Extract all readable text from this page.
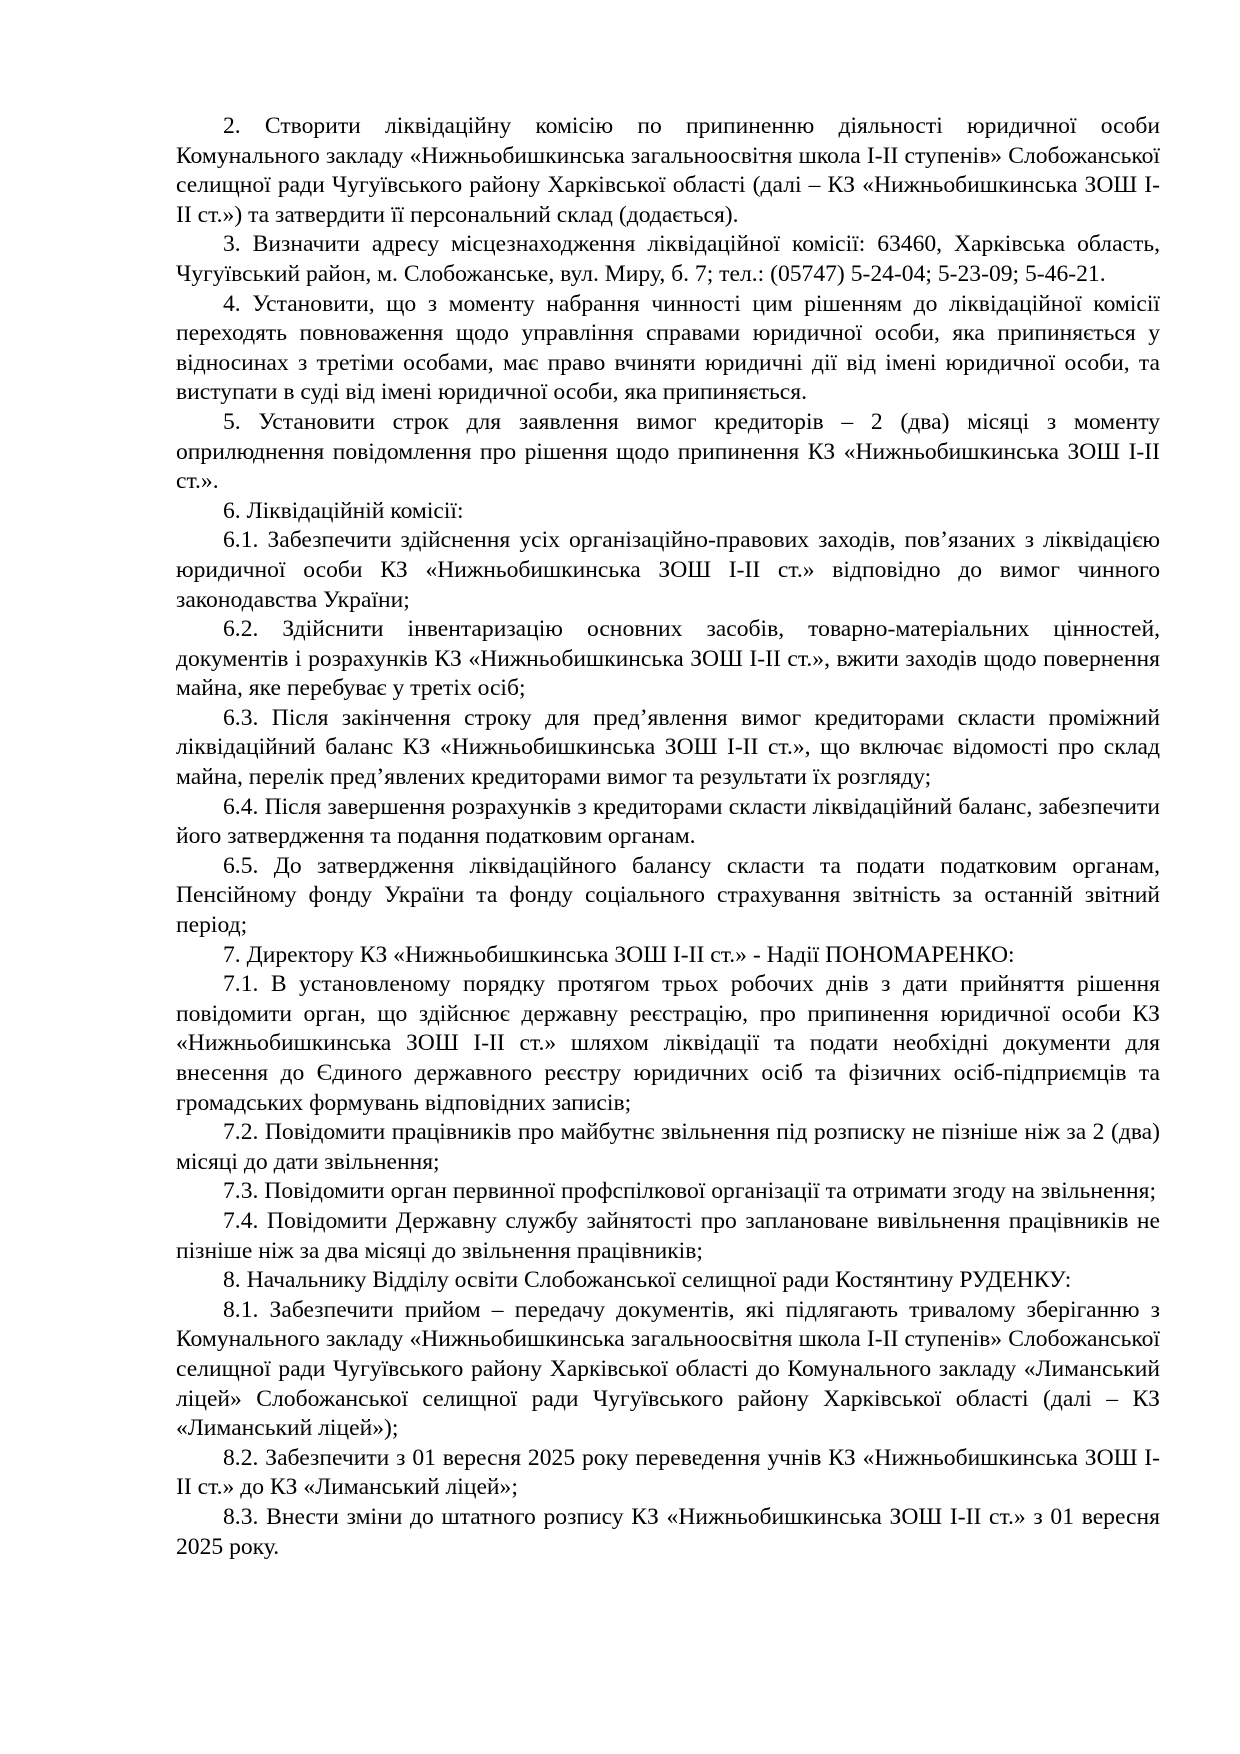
2. Створити ліквідаційну комісію по припиненню діяльності юридичної особи Комунального закладу «Нижньобишкинська загальноосвітня школа І-ІІ ступенів» Слобожанської селищної ради Чугуївського району Харківської області (далі – КЗ «Нижньобишкинська ЗОШ І-ІІ ст.») та затвердити її персональний склад (додається).

3. Визначити адресу місцезнаходження ліквідаційної комісії: 63460, Харківська область, Чугуївський район, м. Слобожанське, вул. Миру, б. 7; тел.: (05747) 5-24-04; 5-23-09; 5-46-21.

4. Установити, що з моменту набрання чинності цим рішенням до ліквідаційної комісії переходять повноваження щодо управління справами юридичної особи, яка припиняється у відносинах з третіми особами, має право вчиняти юридичні дії від імені юридичної особи, та виступати в суді від імені юридичної особи, яка припиняється.

5. Установити строк для заявлення вимог кредиторів – 2 (два) місяці з моменту оприлюднення повідомлення про рішення щодо припинення КЗ «Нижньобишкинська ЗОШ І-ІІ ст.».

6. Ліквідаційній комісії:

6.1. Забезпечити здійснення усіх організаційно-правових заходів, пов’язаних з ліквідацією юридичної особи КЗ «Нижньобишкинська ЗОШ І-ІІ ст.» відповідно до вимог чинного законодавства України;

6.2. Здійснити інвентаризацію основних засобів, товарно-матеріальних цінностей, документів і розрахунків КЗ «Нижньобишкинська ЗОШ І-ІІ ст.», вжити заходів щодо повернення майна, яке перебуває у третіх осіб;

6.3. Після закінчення строку для пред’явлення вимог кредиторами скласти проміжний ліквідаційний баланс КЗ «Нижньобишкинська ЗОШ І-ІІ ст.», що включає відомості про склад майна, перелік пред’явлених кредиторами вимог та результати їх розгляду;

6.4. Після завершення розрахунків з кредиторами скласти ліквідаційний баланс, забезпечити його затвердження та подання податковим органам.

6.5. До затвердження ліквідаційного балансу скласти та подати податковим органам, Пенсійному фонду України та фонду соціального страхування звітність за останній звітний період;

7. Директору КЗ «Нижньобишкинська ЗОШ І-ІІ ст.» - Надії ПОНОМАРЕНКО:

7.1. В установленому порядку протягом трьох робочих днів з дати прийняття рішення повідомити орган, що здійснює державну реєстрацію, про припинення юридичної особи КЗ «Нижньобишкинська ЗОШ І-ІІ ст.» шляхом ліквідації та подати необхідні документи для внесення до Єдиного державного реєстру юридичних осіб та фізичних осіб-підприємців та громадських формувань відповідних записів;

7.2. Повідомити працівників про майбутнє звільнення під розписку не пізніше ніж за 2 (два) місяці до дати звільнення;

7.3. Повідомити орган первинної профспілкової організації та отримати згоду на звільнення;

7.4. Повідомити Державну службу зайнятості про заплановане вивільнення працівників не пізніше ніж за два місяці до звільнення працівників;

8. Начальнику Відділу освіти Слобожанської селищної ради Костянтину РУДЕНКУ:

8.1. Забезпечити прийом – передачу документів, які підлягають тривалому зберіганню з Комунального закладу «Нижньобишкинська загальноосвітня школа І-ІІ ступенів» Слобожанської селищної ради Чугуївського району Харківської області до Комунального закладу «Лиманський ліцей» Слобожанської селищної ради Чугуївського району Харківської області (далі – КЗ «Лиманський ліцей»);

8.2. Забезпечити з 01 вересня 2025 року переведення учнів КЗ «Нижньобишкинська ЗОШ І-ІІ ст.» до КЗ «Лиманський ліцей»;

8.3. Внести зміни до штатного розпису КЗ «Нижньобишкинська ЗОШ І-ІІ ст.» з 01 вересня 2025 року.
